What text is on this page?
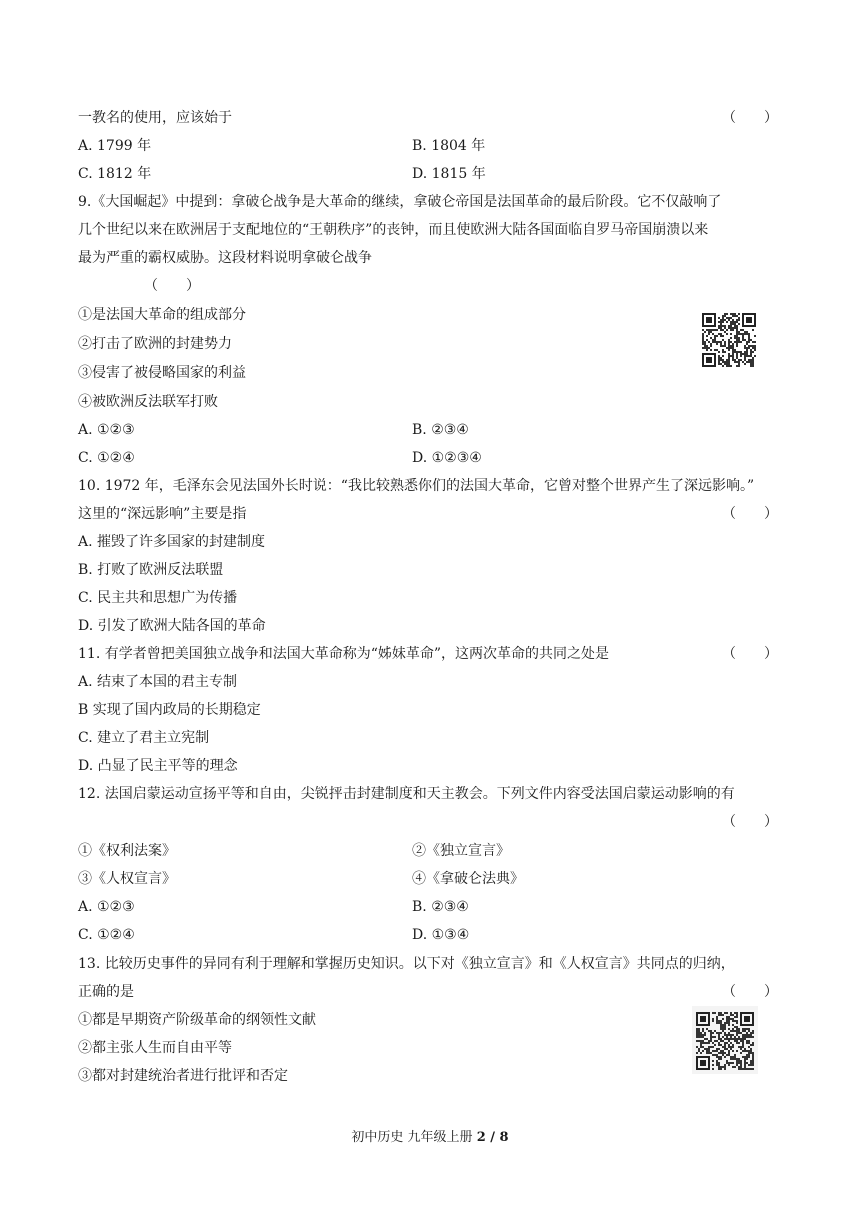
一教名的使用，应该始于	（　　）
A. 1799 年	B. 1804 年
C. 1812 年	D. 1815 年
9.《大国崛起》中提到：拿破仑战争是大革命的继续，拿破仑帝国是法国革命的最后阶段。它不仅敲响了
几个世纪以来在欧洲居于支配地位的“王朝秩序”的丧钟，而且使欧洲大陆各国面临自罗马帝国崩溃以来
最为严重的霸权威胁。这段材料说明拿破仑战争
（　　）
①是法国大革命的组成部分
②打击了欧洲的封建势力
③侵害了被侵略国家的利益
④被欧洲反法联军打败
A. ①②③	B. ②③④
C. ①②④	D. ①②③④
10. 1972 年，毛泽东会见法国外长时说：“我比较熟悉你们的法国大革命，它曾对整个世界产生了深远影响。”
这里的“深远影响”主要是指	（　　）
A. 摧毁了许多国家的封建制度
B. 打败了欧洲反法联盟
C. 民主共和思想广为传播
D. 引发了欧洲大陆各国的革命
11. 有学者曾把美国独立战争和法国大革命称为“姊妹革命”，这两次革命的共同之处是	（　　）
A. 结束了本国的君主专制
B 实现了国内政局的长期稳定
C. 建立了君主立宪制
D. 凸显了民主平等的理念
12. 法国启蒙运动宣扬平等和自由，尖锐抨击封建制度和天主教会。下列文件内容受法国启蒙运动影响的有
（　　）
①《权利法案》	②《独立宣言》
③《人权宣言》	④《拿破仑法典》
A. ①②③	B. ②③④
C. ①②④	D. ①③④
13. 比较历史事件的异同有利于理解和掌握历史知识。以下对《独立宣言》和《人权宣言》共同点的归纳，
正确的是	（　　）
①都是早期资产阶级革命的纲领性文献
②都主张人生而自由平等
③都对封建统治者进行批评和否定
初中历史 九年级上册 2 / 8
